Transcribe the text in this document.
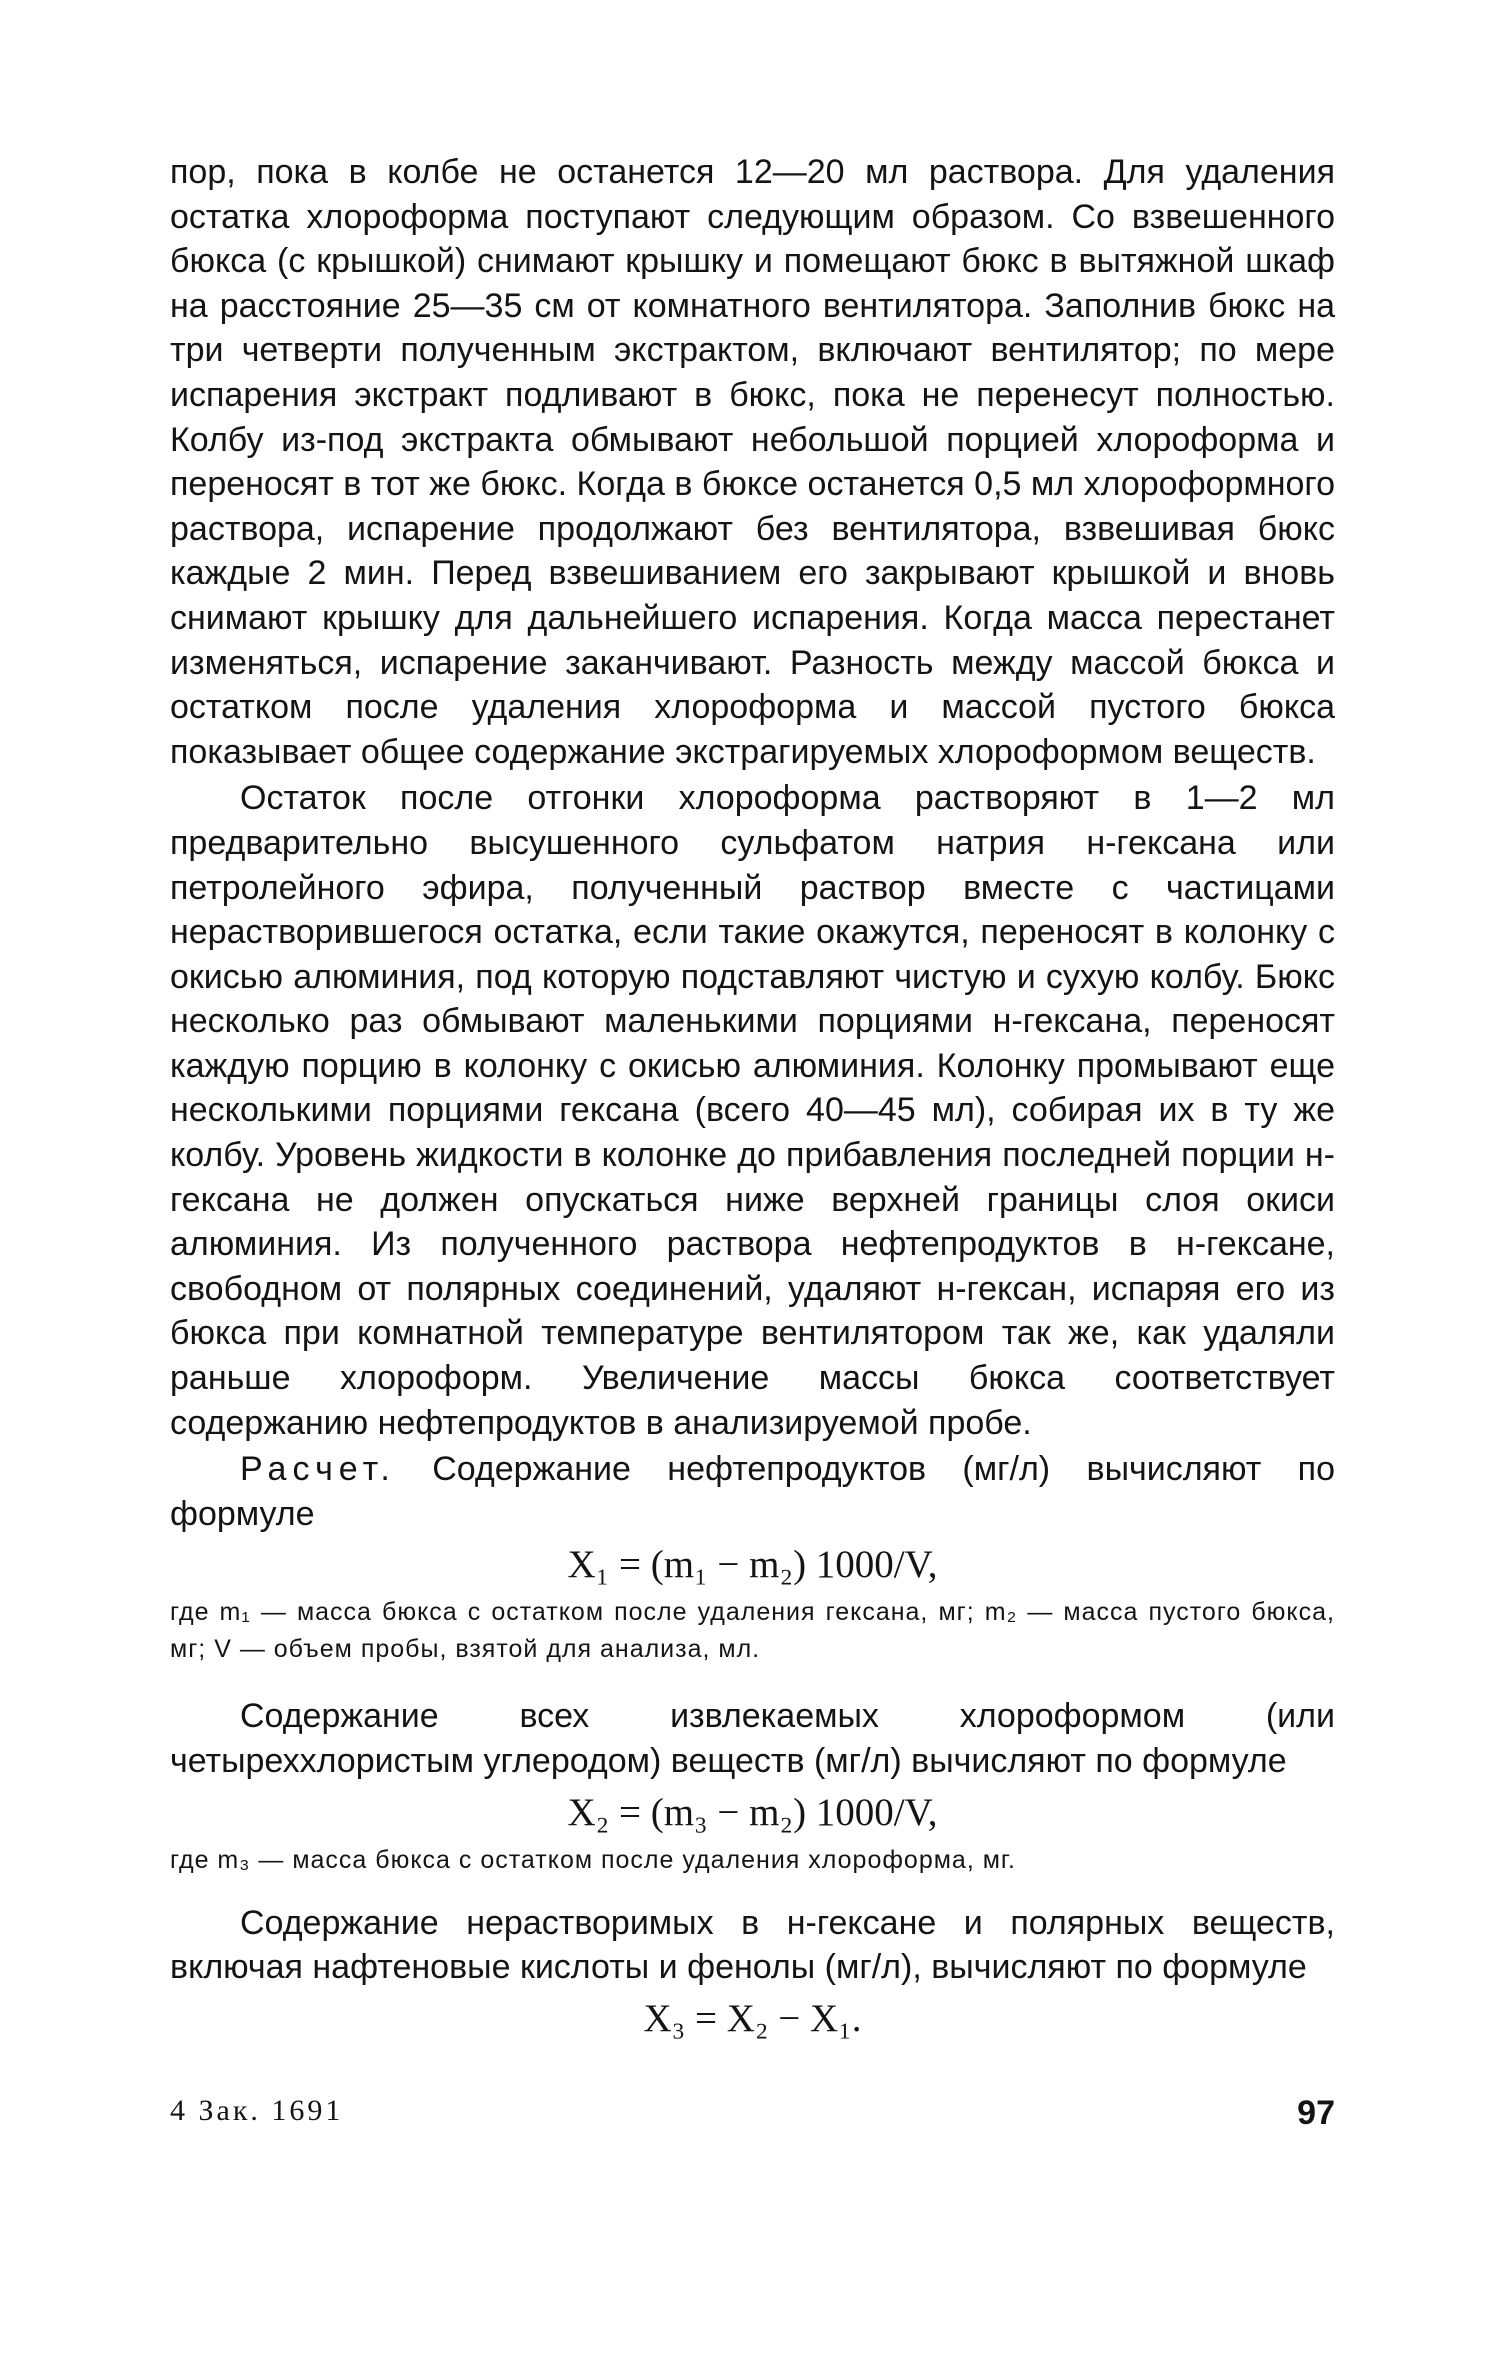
пор, пока в колбе не останется 12—20 мл раствора. Для удаления остатка хлороформа поступают следующим образом. Со взвешенного бюкса (с крышкой) снимают крышку и помещают бюкс в вытяжной шкаф на расстояние 25—35 см от комнатного вентилятора. Заполнив бюкс на три четверти полученным экстрактом, включают вентилятор; по мере испарения экстракт подливают в бюкс, пока не перенесут полностью. Колбу из-под экстракта обмывают небольшой порцией хлороформа и переносят в тот же бюкс. Когда в бюксе останется 0,5 мл хлороформного раствора, испарение продолжают без вентилятора, взвешивая бюкс каждые 2 мин. Перед взвешиванием его закрывают крышкой и вновь снимают крышку для дальнейшего испарения. Когда масса перестанет изменяться, испарение заканчивают. Разность между массой бюкса и остатком после удаления хлороформа и массой пустого бюкса показывает общее содержание экстрагируемых хлороформом веществ.

Остаток после отгонки хлороформа растворяют в 1—2 мл предварительно высушенного сульфатом натрия н-гексана или петролейного эфира, полученный раствор вместе с частицами нерастворившегося остатка, если такие окажутся, переносят в колонку с окисью алюминия, под которую подставляют чистую и сухую колбу. Бюкс несколько раз обмывают маленькими порциями н-гексана, переносят каждую порцию в колонку с окисью алюминия. Колонку промывают еще несколькими порциями гексана (всего 40—45 мл), собирая их в ту же колбу. Уровень жидкости в колонке до прибавления последней порции н-гексана не должен опускаться ниже верхней границы слоя окиси алюминия. Из полученного раствора нефтепродуктов в н-гексане, свободном от полярных соединений, удаляют н-гексан, испаряя его из бюкса при комнатной температуре вентилятором так же, как удаляли раньше хлороформ. Увеличение массы бюкса соответствует содержанию нефтепродуктов в анализируемой пробе.

Расчет. Содержание нефтепродуктов (мг/л) вычисляют по формуле

X₁ = (m₁ − m₂) 1000/V,

где m₁ — масса бюкса с остатком после удаления гексана, мг; m₂ — масса пустого бюкса, мг; V — объем пробы, взятой для анализа, мл.

Содержание всех извлекаемых хлороформом (или четыреххлористым углеродом) веществ (мг/л) вычисляют по формуле

X₂ = (m₃ − m₂) 1000/V,

где m₃ — масса бюкса с остатком после удаления хлороформа, мг.

Содержание нерастворимых в н-гексане и полярных веществ, включая нафтеновые кислоты и фенолы (мг/л), вычисляют по формуле

X₃ = X₂ − X₁.

4 Зак. 1691	97
